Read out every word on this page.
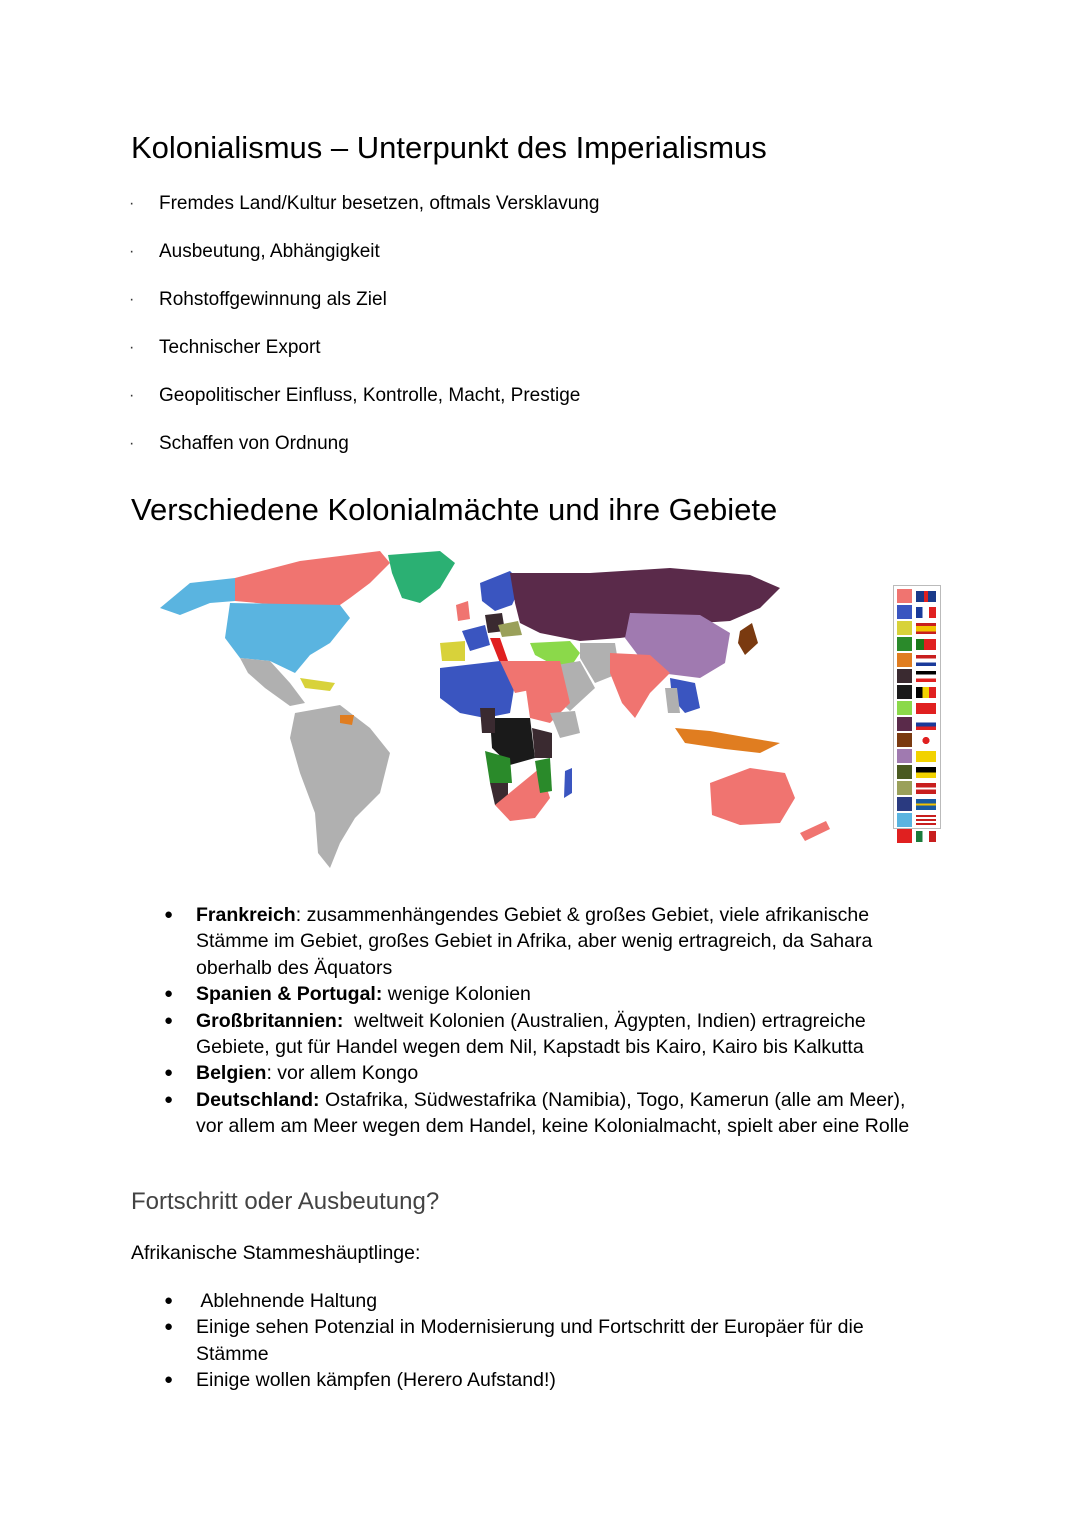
Kolonialismus – Unterpunkt des Imperialismus
· Fremdes Land/Kultur besetzen, oftmals Versklavung
· Ausbeutung, Abhängigkeit
· Rohstoffgewinnung als Ziel
· Technischer Export
· Geopolitischer Einfluss, Kontrolle, Macht, Prestige
· Schaffen von Ordnung
Verschiedene Kolonialmächte und ihre Gebiete
● Frankreich: zusammenhängendes Gebiet & großes Gebiet, viele afrikanische Stämme im Gebiet, großes Gebiet in Afrika, aber wenig ertragreich, da Sahara oberhalb des Äquators
● Spanien & Portugal: wenige Kolonien
● Großbritannien: weltweit Kolonien (Australien, Ägypten, Indien) ertragreiche Gebiete, gut für Handel wegen dem Nil, Kapstadt bis Kairo, Kairo bis Kalkutta
● Belgien: vor allem Kongo
● Deutschland: Ostafrika, Südwestafrika (Namibia), Togo, Kamerun (alle am Meer), vor allem am Meer wegen dem Handel, keine Kolonialmacht, spielt aber eine Rolle
Fortschritt oder Ausbeutung?

Afrikanische Stammeshäuptlinge:

● Ablehnende Haltung
● Einige sehen Potenzial in Modernisierung und Fortschritt der Europäer für die Stämme
● Einige wollen kämpfen (Herero Aufstand!)
